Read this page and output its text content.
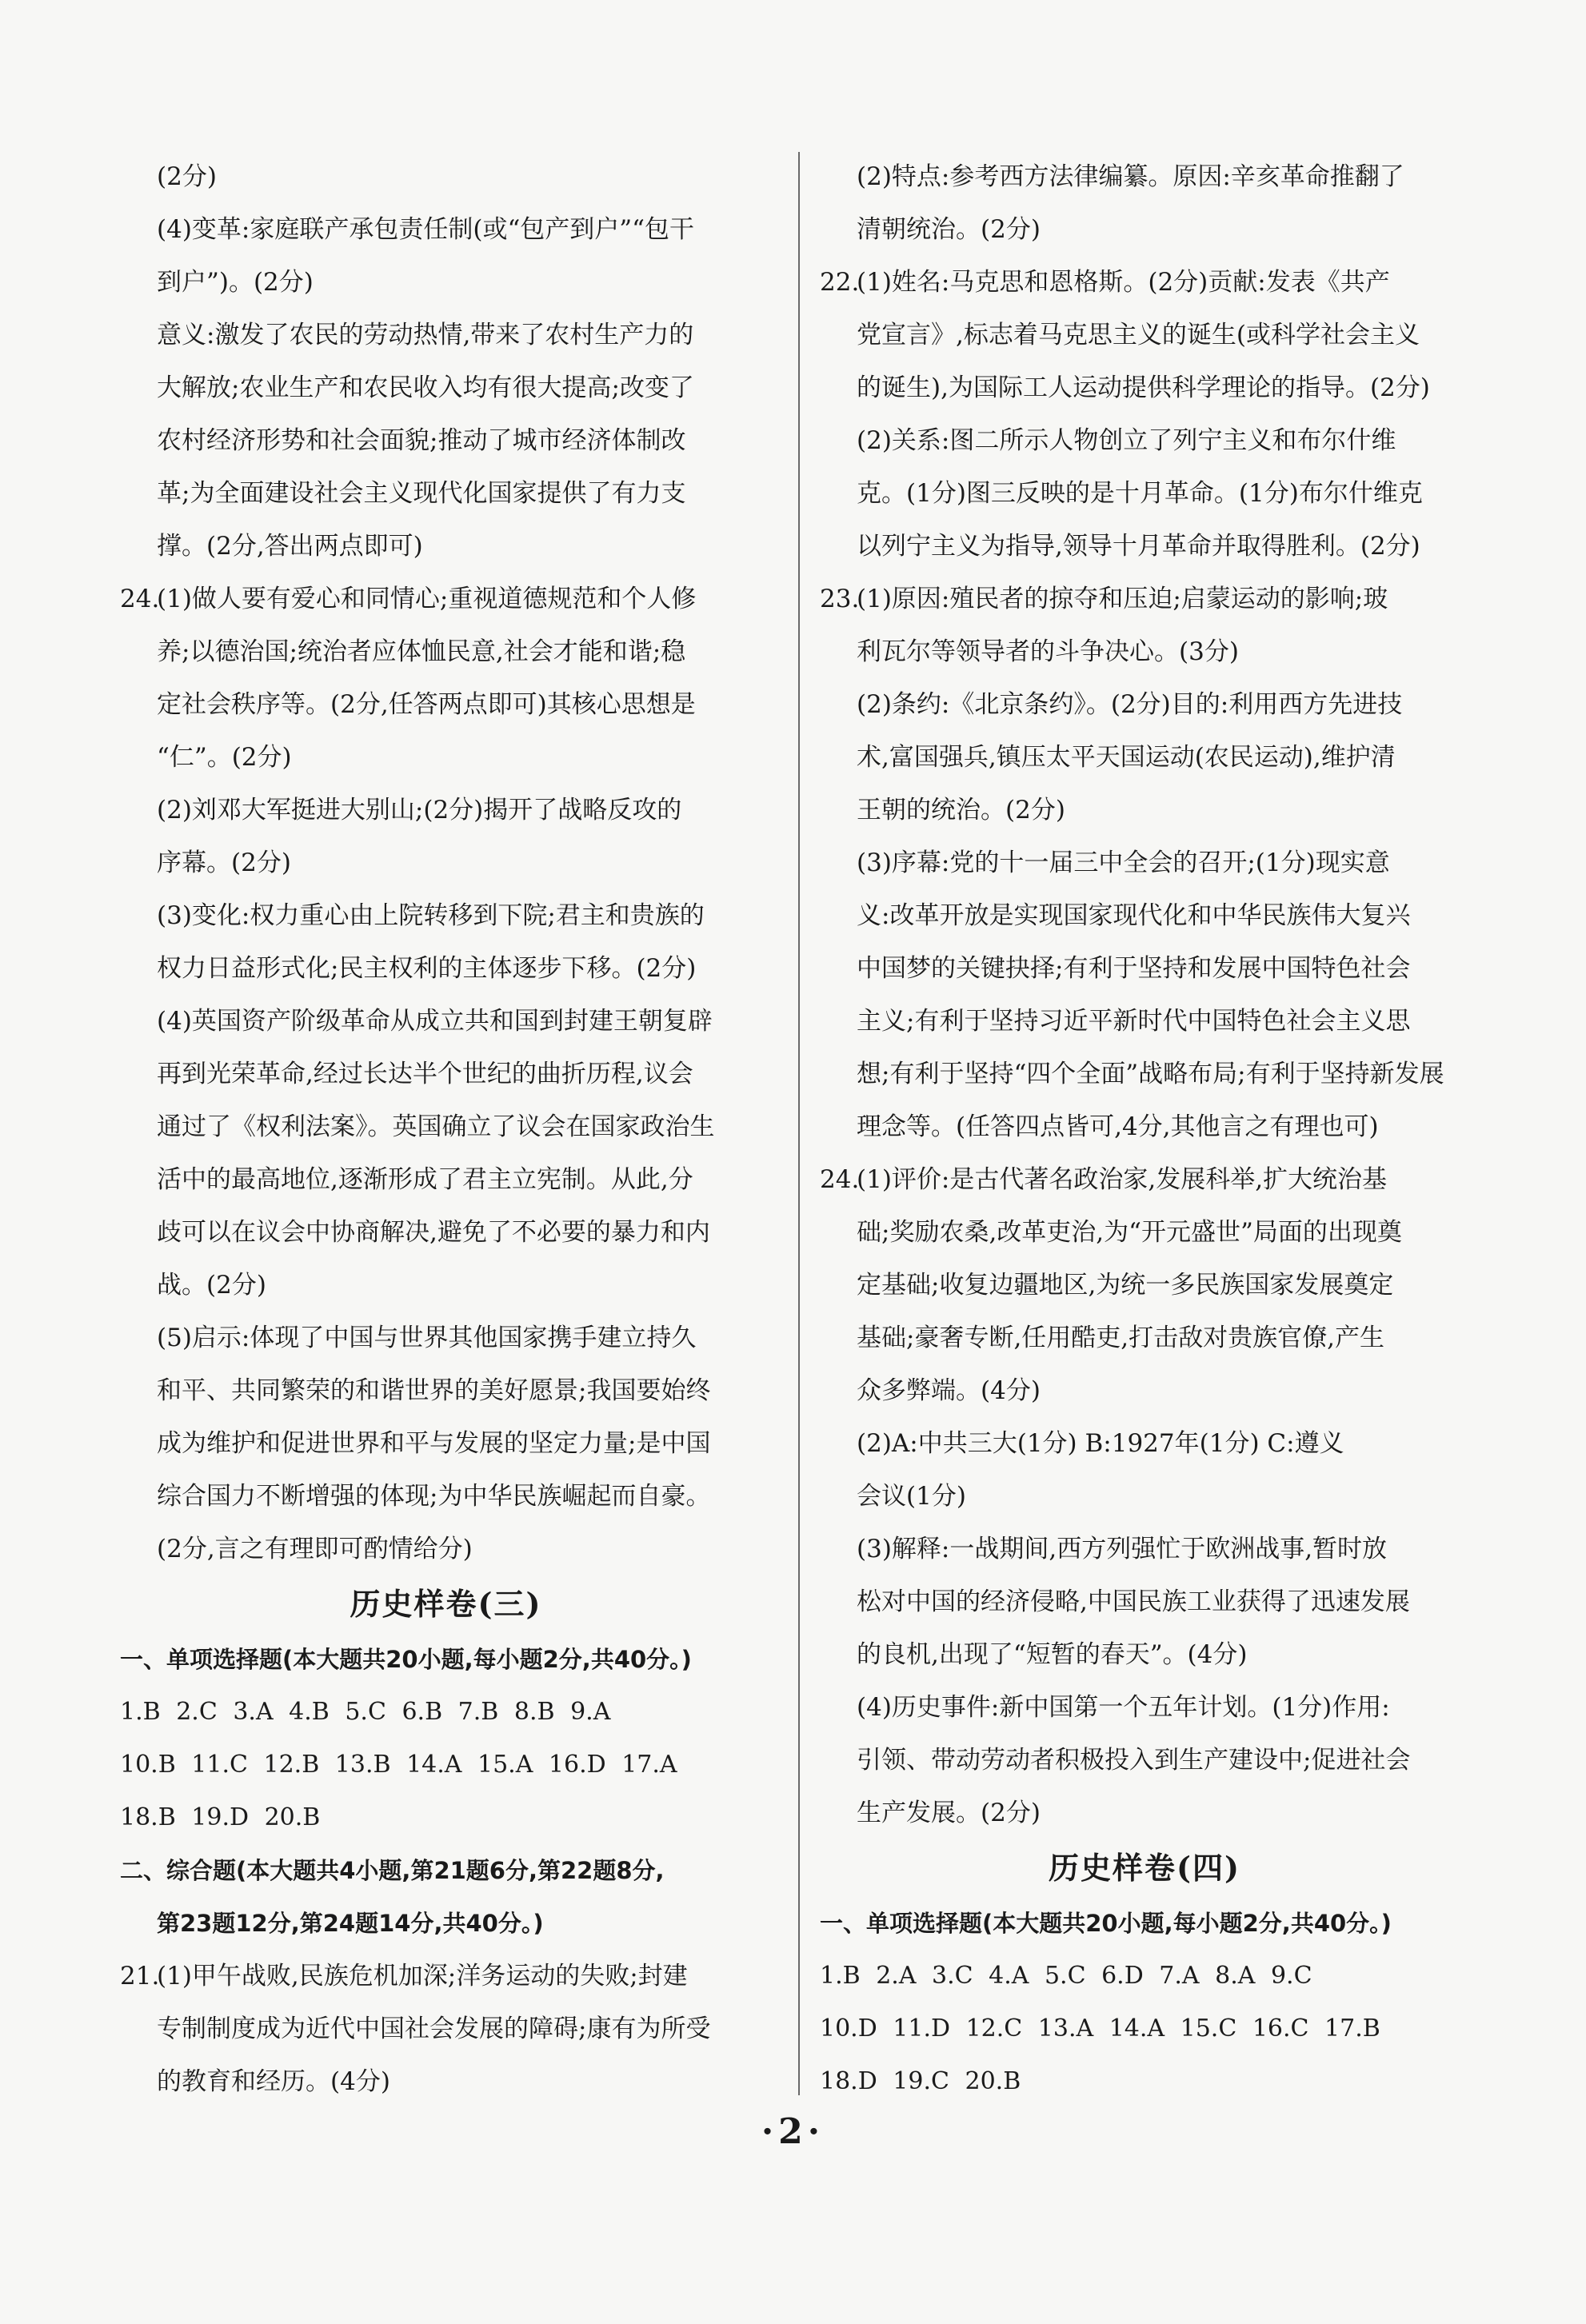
(2分)

(4)变革:家庭联产承包责任制(或“包产到户”“包干

到户”)。(2分)

意义:激发了农民的劳动热情,带来了农村生产力的

大解放;农业生产和农民收入均有很大提高;改变了

农村经济形势和社会面貌;推动了城市经济体制改

革;为全面建设社会主义现代化国家提供了有力支

撑。(2分,答出两点即可)

24.(1)做人要有爱心和同情心;重视道德规范和个人修

养;以德治国;统治者应体恤民意,社会才能和谐;稳

定社会秩序等。(2分,任答两点即可)其核心思想是

“仁”。(2分)

(2)刘邓大军挺进大别山;(2分)揭开了战略反攻的

序幕。(2分)

(3)变化:权力重心由上院转移到下院;君主和贵族的

权力日益形式化;民主权利的主体逐步下移。(2分)

(4)英国资产阶级革命从成立共和国到封建王朝复辟

再到光荣革命,经过长达半个世纪的曲折历程,议会

通过了《权利法案》。英国确立了议会在国家政治生

活中的最高地位,逐渐形成了君主立宪制。从此,分

歧可以在议会中协商解决,避免了不必要的暴力和内

战。(2分)

(5)启示:体现了中国与世界其他国家携手建立持久

和平、共同繁荣的和谐世界的美好愿景;我国要始终

成为维护和促进世界和平与发展的坚定力量;是中国

综合国力不断增强的体现;为中华民族崛起而自豪。

(2分,言之有理即可酌情给分)

历史样卷(三)

一、单项选择题(本大题共20小题,每小题2分,共40分。)

1.B 2.C 3.A 4.B 5.C 6.B 7.B 8.B 9.A

10.B 11.C 12.B 13.B 14.A 15.A 16.D 17.A

18.B 19.D 20.B

二、综合题(本大题共4小题,第21题6分,第22题8分,

第23题12分,第24题14分,共40分。)

21.(1)甲午战败,民族危机加深;洋务运动的失败;封建

专制制度成为近代中国社会发展的障碍;康有为所受

的教育和经历。(4分)

(2)特点:参考西方法律编纂。原因:辛亥革命推翻了

清朝统治。(2分)

22.(1)姓名:马克思和恩格斯。(2分)贡献:发表《共产

党宣言》,标志着马克思主义的诞生(或科学社会主义

的诞生),为国际工人运动提供科学理论的指导。(2分)

(2)关系:图二所示人物创立了列宁主义和布尔什维

克。(1分)图三反映的是十月革命。(1分)布尔什维克

以列宁主义为指导,领导十月革命并取得胜利。(2分)

23.(1)原因:殖民者的掠夺和压迫;启蒙运动的影响;玻

利瓦尔等领导者的斗争决心。(3分)

(2)条约:《北京条约》。(2分)目的:利用西方先进技

术,富国强兵,镇压太平天国运动(农民运动),维护清

王朝的统治。(2分)

(3)序幕:党的十一届三中全会的召开;(1分)现实意

义:改革开放是实现国家现代化和中华民族伟大复兴

中国梦的关键抉择;有利于坚持和发展中国特色社会

主义;有利于坚持习近平新时代中国特色社会主义思

想;有利于坚持“四个全面”战略布局;有利于坚持新发展

理念等。(任答四点皆可,4分,其他言之有理也可)

24.(1)评价:是古代著名政治家,发展科举,扩大统治基

础;奖励农桑,改革吏治,为“开元盛世”局面的出现奠

定基础;收复边疆地区,为统一多民族国家发展奠定

基础;豪奢专断,任用酷吏,打击敌对贵族官僚,产生

众多弊端。(4分)

(2)A:中共三大(1分) B:1927年(1分) C:遵义

会议(1分)

(3)解释:一战期间,西方列强忙于欧洲战事,暂时放

松对中国的经济侵略,中国民族工业获得了迅速发展

的良机,出现了“短暂的春天”。(4分)

(4)历史事件:新中国第一个五年计划。(1分)作用:

引领、带动劳动者积极投入到生产建设中;促进社会

生产发展。(2分)

历史样卷(四)

一、单项选择题(本大题共20小题,每小题2分,共40分。)

1.B 2.A 3.C 4.A 5.C 6.D 7.A 8.A 9.C

10.D 11.D 12.C 13.A 14.A 15.C 16.C 17.B

18.D 19.C 20.B

·2·
